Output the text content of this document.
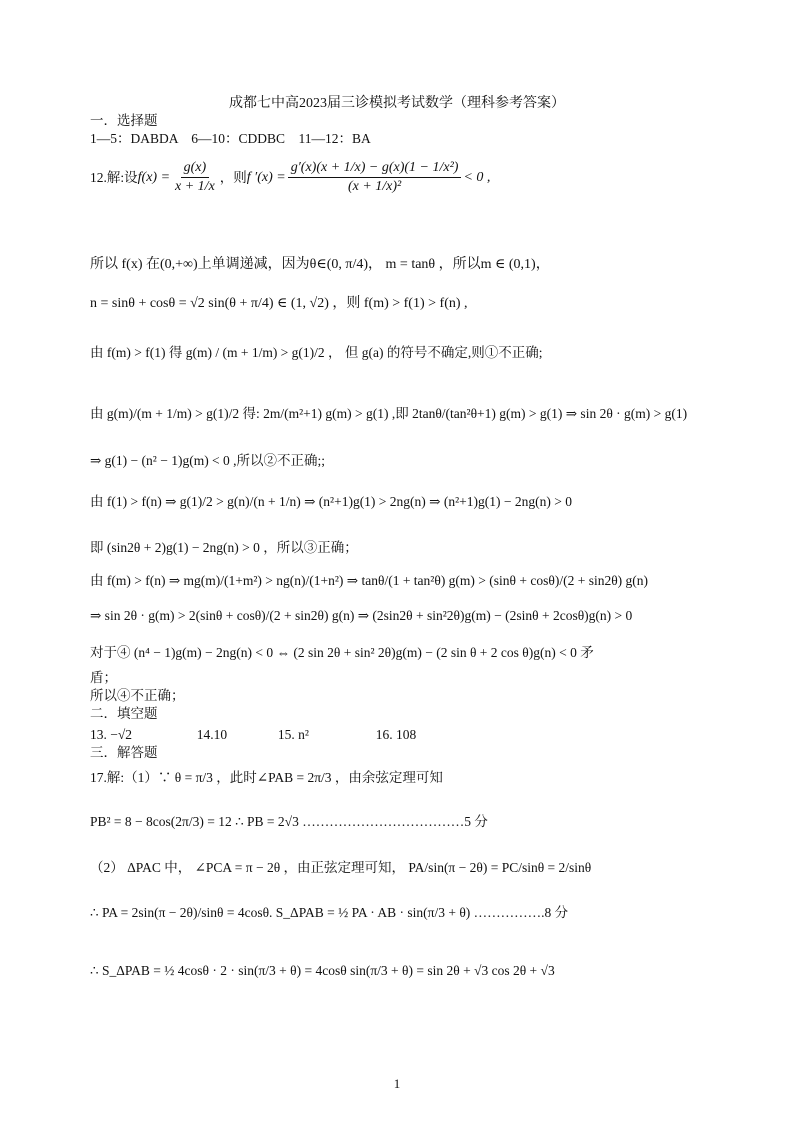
成都七中高2023届三诊模拟考试数学（理科参考答案）
一．选择题
1—5：DABDA　6—10：CDDBC　11—12：BA
12.解:设 $f(x) = \frac{g(x)}{x + 1/x}$ ，则 f $'(x) = \frac{\text{g′(x)(x + 1/x) − g(x)(1 − 1/x²)}}{\text{(x + 1/x)²}} < 0$ ,
所以 f(x) 在(0,+∞)上单调递减，因为θ∈(0, π/4)， m = tanθ ，所以m ∈ (0,1)，
n = sinθ + cosθ = √2 sin(θ + π/4) ∈ (1, √2) ，则 f(m) > f(1) > f(n) ,
由 f(m) > f(1) 得 g(m) / (m + 1/m) > g(1)/2 ， 但 g(a) 的符号不确定,则①不正确;
由 g(m)/(m + 1/m) > g(1)/2 得: 2m/(m²+1) g(m) > g(1) ,即 2tanθ/(tan²θ+1) g(m) > g(1) ⇒ sin 2θ · g(m) > g(1)
⇒ g(1) − (n² − 1)g(m) < 0 ,所以②不正确;;
由 f(1) > f(n) ⇒ g(1)/2 > g(n)/(n + 1/n) ⇒ (n²+1)g(1) > 2ng(n) ⇒ (n²+1)g(1) − 2ng(n) > 0
即 (sin2θ + 2)g(1) − 2ng(n) > 0 ，所以③正确；
由 f(m) > f(n) ⇒ mg(m)/(1+m²) > ng(n)/(1+n²) ⇒ tanθ/(1 + tan²θ) g(m) > (sinθ + cosθ)/(2 + sin2θ) g(n)
⇒ sin 2θ · g(m) > 2(sinθ + cosθ)/(2 + sin2θ) g(n) ⇒ (2sin2θ + sin²2θ)g(m) − (2sinθ + 2cosθ)g(n) > 0
对于④ (n⁴ − 1)g(m) − 2ng(n) < 0 ⇔ (2 sin 2θ + sin² 2θ)g(m) − (2 sin θ + 2 cos θ)g(n) < 0 矛
盾；
所以④不正确；
二．填空题
13. −√2	14.10	15. n²	16. 108
三．解答题
17.解:（1）∵ θ = π/3 ，此时∠PAB = 2π/3 ，由余弦定理可知
PB² = 8 − 8cos(2π/3) = 12 ∴ PB = 2√3 ………………………………5 分
（2） ΔPAC 中， ∠PCA = π − 2θ ，由正弦定理可知， PA/sin(π − 2θ) = PC/sinθ = 2/sinθ
∴ PA = 2sin(π − 2θ)/sinθ = 4cosθ. S_ΔPAB = ½ PA · AB · sin(π/3 + θ) …………….8 分
∴ S_ΔPAB = ½ 4cosθ · 2 · sin(π/3 + θ) = 4cosθ sin(π/3 + θ) = sin 2θ + √3 cos 2θ + √3
1
